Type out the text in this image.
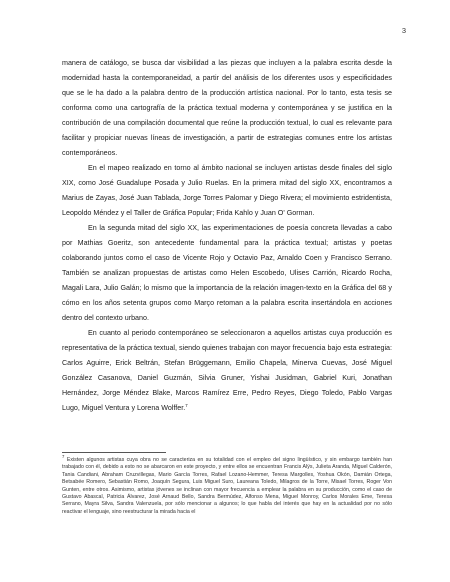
3

manera de catálogo, se busca dar visibilidad a las piezas que incluyen a la palabra escrita desde la modernidad hasta la contemporaneidad, a partir del análisis de los diferentes usos y especificidades que se le ha dado a la palabra dentro de la producción artística nacional. Por lo tanto, esta tesis se conforma como una cartografía de la práctica textual moderna y contemporánea y se justifica en la contribución de una compilación documental que reúne la producción textual, lo cual es relevante para facilitar y propiciar nuevas líneas de investigación, a partir de estrategias comunes entre los artistas contemporáneos.

En el mapeo realizado en torno al ámbito nacional se incluyen artistas desde finales del siglo XIX, como José Guadalupe Posada y Julio Ruelas. En la primera mitad del siglo XX, encontramos a Marius de Zayas, José Juan Tablada, Jorge Torres Palomar y Diego Rivera; el movimiento estridentista, Leopoldo Méndez y el Taller de Gráfica Popular; Frida Kahlo y Juan O' Gorman.

En la segunda mitad del siglo XX, las experimentaciones de poesía concreta llevadas a cabo por Mathias Goeritz, son antecedente fundamental para la práctica textual; artistas y poetas colaborando juntos como el caso de Vicente Rojo y Octavio Paz, Arnaldo Coen y Francisco Serrano. También se analizan propuestas de artistas como Helen Escobedo, Ulises Carrión, Ricardo Rocha, Magali Lara, Julio Galán; lo mismo que la importancia de la relación imagen-texto en la Gráfica del 68 y cómo en los años setenta grupos como Março retoman a la palabra escrita insertándola en acciones dentro del contexto urbano.

En cuanto al periodo contemporáneo se seleccionaron a aquellos artistas cuya producción es representativa de la práctica textual, siendo quienes trabajan con mayor frecuencia bajo esta estrategia: Carlos Aguirre, Erick Beltrán, Stefan Brüggemann, Emilio Chapela, Minerva Cuevas, José Miguel González Casanova, Daniel Guzmán, Silvia Gruner, Yishai Jusidman, Gabriel Kuri, Jonathan Hernández, Jorge Méndez Blake, Marcos Ramírez Erre, Pedro Reyes, Diego Toledo, Pablo Vargas Lugo, Miguel Ventura y Lorena Wolffer.$^7$

$^7$ Existen algunos artistas cuya obra no se caracteriza en su totalidad con el empleo del signo lingüístico, y sin embargo también han trabajado con él, debido a esto no se abarcaron en este proyecto, y entre ellos se encuentran Francis Alÿs, Julieta Aranda, Miguel Calderón, Tania Candiani, Abraham Cruzvillegas, Mario García Torres, Rafael Lozano-Hemmer, Teresa Margolles, Yoshua Okón, Damián Ortega, Betsabée Romero, Sebastián Romo, Joaquín Segura, Luis Miguel Suro, Laureana Toledo, Milagros de la Torre, Misael Torres, Roger Von Gunten, entre otros. Asimismo, artistas jóvenes se inclinan con mayor frecuencia a emplear la palabra en su producción, como el caso de Gustavo Abascal, Patricia Álvarez, José Arnaud Bello, Sandra Bermúdez, Alfonso Mena, Miguel Monroy, Carlos Morales Eme, Teresa Serrano, Mayra Silva, Sandra Valenzuela, por sólo mencionar a algunos; lo que habla del interés que hay en la actualidad por no sólo reactivar el lenguaje, sino reestructurar la mirada hacia el
